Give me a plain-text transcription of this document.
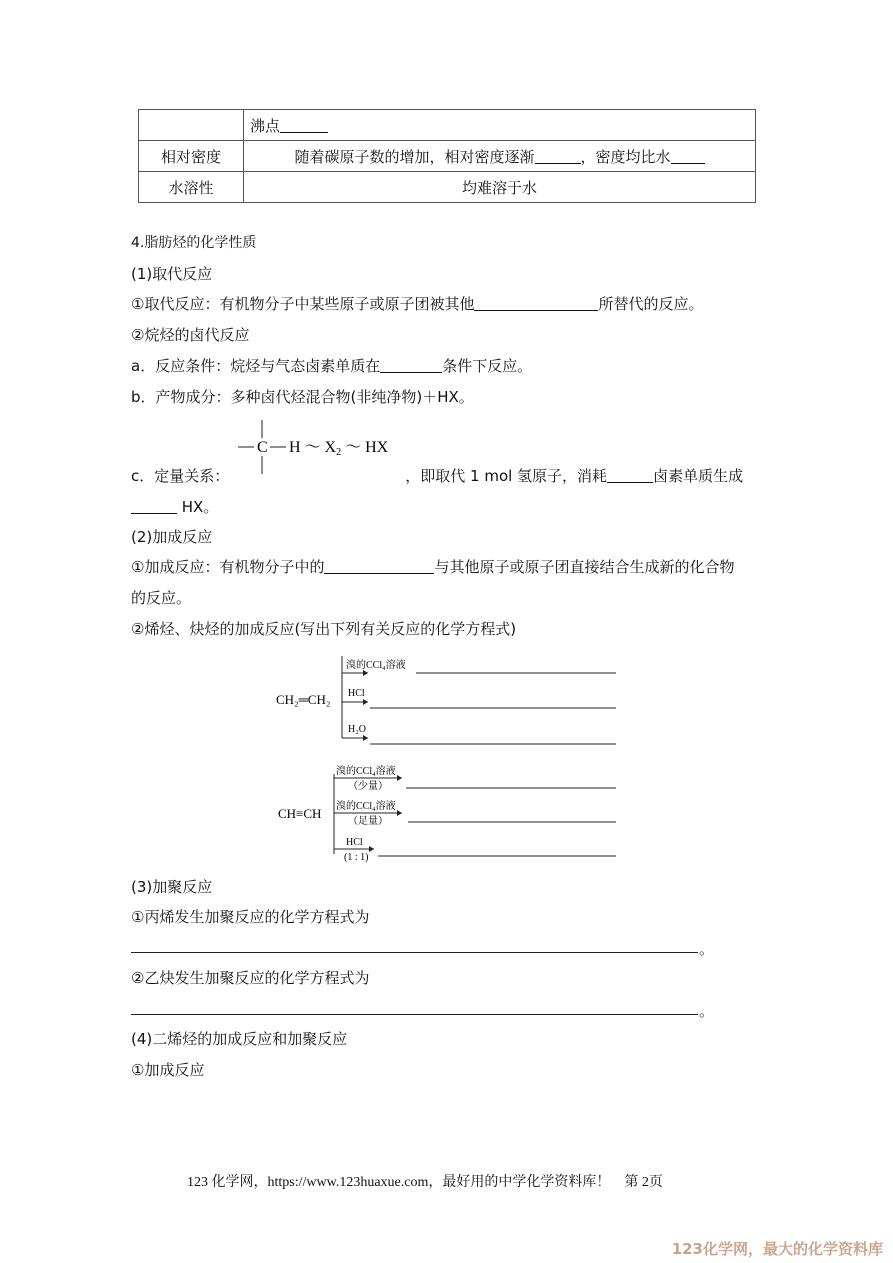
	沸点
相对密度	随着碳原子数的增加，相对密度逐渐 ，密度均比水
水溶性	均难溶于水
4.脂肪烃的化学性质
(1)取代反应
①取代反应：有机物分子中某些原子或原子团被其他	所替代的反应。
②烷烃的卤代反应
a．反应条件：烷烃与气态卤素单质在	条件下反应。
b．产物成分：多种卤代烃混合物(非纯净物)＋HX。
C H ～ X2 ～ HX
c．定量关系：	，即取代 1 mol 氢原子，消耗	卤素单质生成
HX。
(2)加成反应
①加成反应：有机物分子中的	与其他原子或原子团直接结合生成新的化合物
的反应。
②烯烃、炔烃的加成反应(写出下列有关反应的化学方程式)
CH₂═CH₂
溴的CCl₄溶液
HCl
H₂O
CH≡CH
溴的CCl₄溶液
（少量）
溴的CCl₄溶液
（足量）
HCl
(1 : 1)
(3)加聚反应
①丙烯发生加聚反应的化学方程式为
。
②乙炔发生加聚反应的化学方程式为
。
(4)二烯烃的加成反应和加聚反应
①加成反应
123 化学网，https://www.123huaxue.com，最好用的中学化学资料库！　第 2页
123化学网，最大的化学资料库
